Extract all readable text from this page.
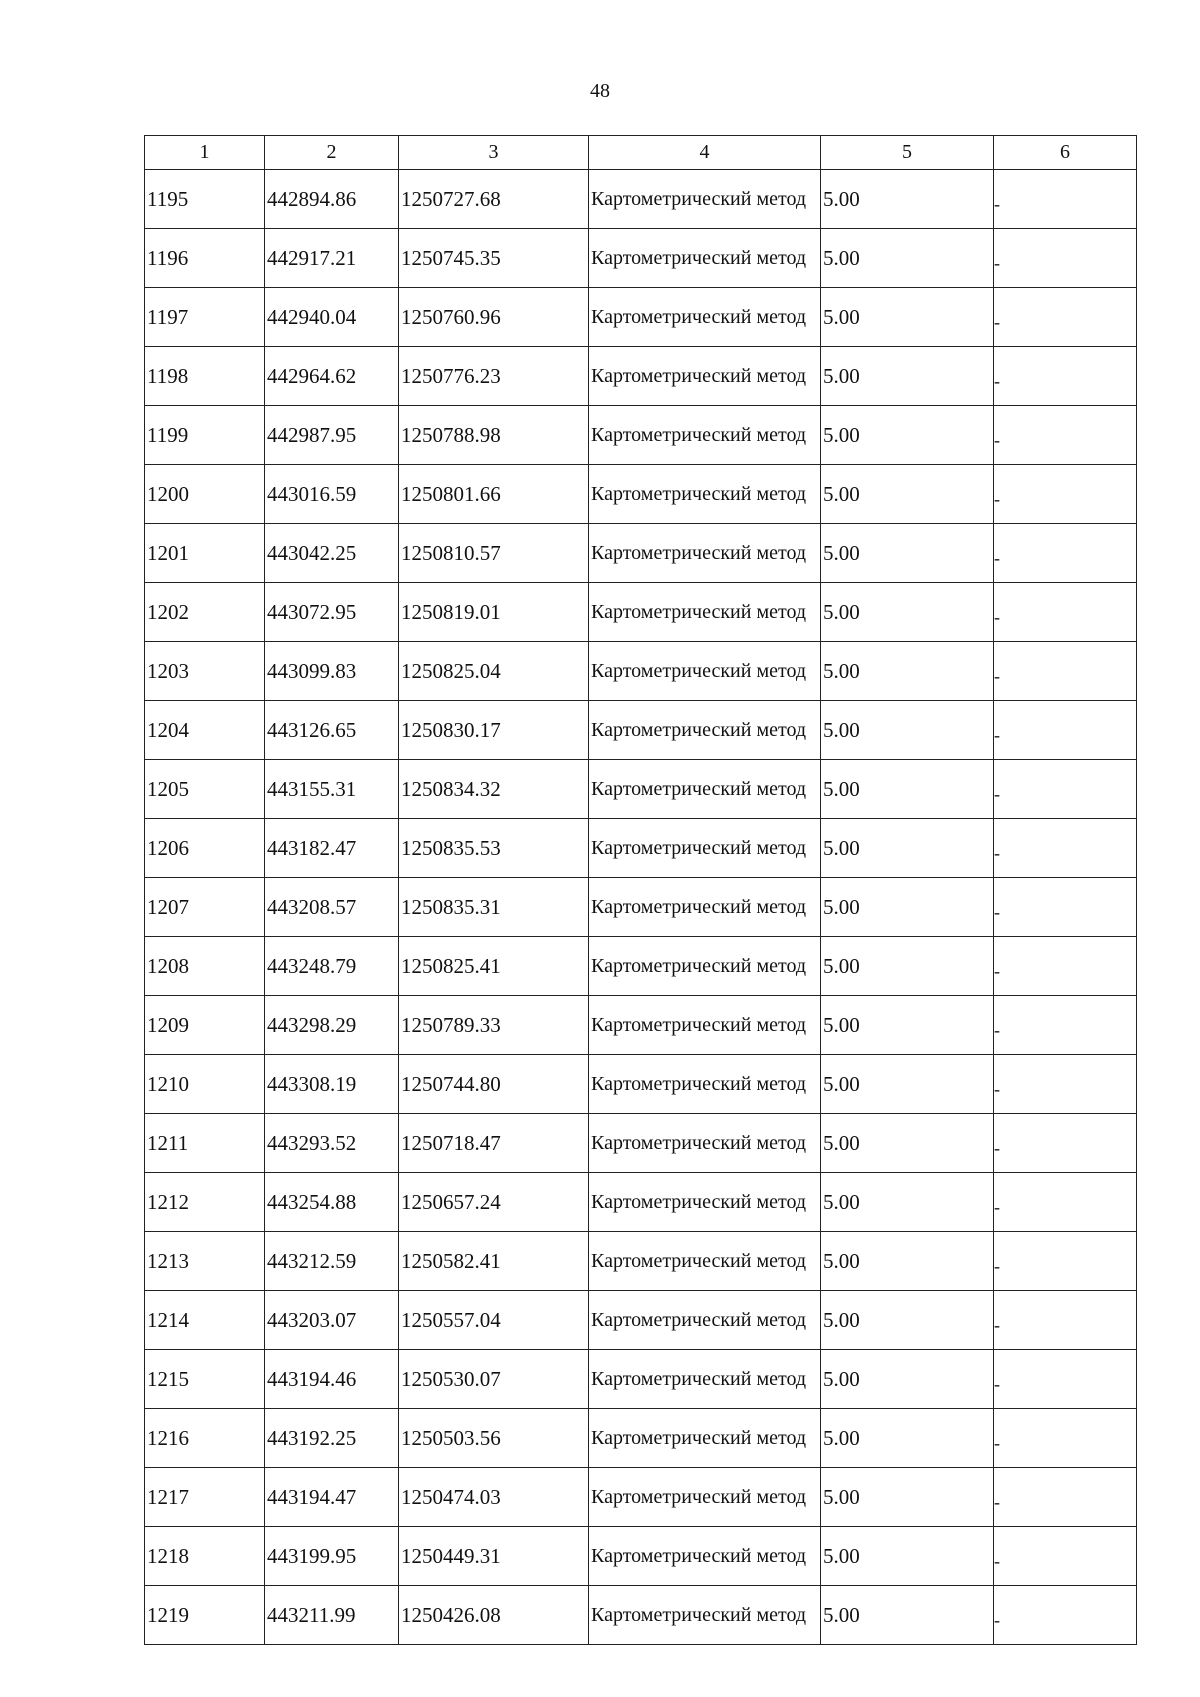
48
1	2	3	4	5	6
1195	442894.86	1250727.68	Картометрический метод	5.00	-
1196	442917.21	1250745.35	Картометрический метод	5.00	-
1197	442940.04	1250760.96	Картометрический метод	5.00	-
1198	442964.62	1250776.23	Картометрический метод	5.00	-
1199	442987.95	1250788.98	Картометрический метод	5.00	-
1200	443016.59	1250801.66	Картометрический метод	5.00	-
1201	443042.25	1250810.57	Картометрический метод	5.00	-
1202	443072.95	1250819.01	Картометрический метод	5.00	-
1203	443099.83	1250825.04	Картометрический метод	5.00	-
1204	443126.65	1250830.17	Картометрический метод	5.00	-
1205	443155.31	1250834.32	Картометрический метод	5.00	-
1206	443182.47	1250835.53	Картометрический метод	5.00	-
1207	443208.57	1250835.31	Картометрический метод	5.00	-
1208	443248.79	1250825.41	Картометрический метод	5.00	-
1209	443298.29	1250789.33	Картометрический метод	5.00	-
1210	443308.19	1250744.80	Картометрический метод	5.00	-
1211	443293.52	1250718.47	Картометрический метод	5.00	-
1212	443254.88	1250657.24	Картометрический метод	5.00	-
1213	443212.59	1250582.41	Картометрический метод	5.00	-
1214	443203.07	1250557.04	Картометрический метод	5.00	-
1215	443194.46	1250530.07	Картометрический метод	5.00	-
1216	443192.25	1250503.56	Картометрический метод	5.00	-
1217	443194.47	1250474.03	Картометрический метод	5.00	-
1218	443199.95	1250449.31	Картометрический метод	5.00	-
1219	443211.99	1250426.08	Картометрический метод	5.00	-
